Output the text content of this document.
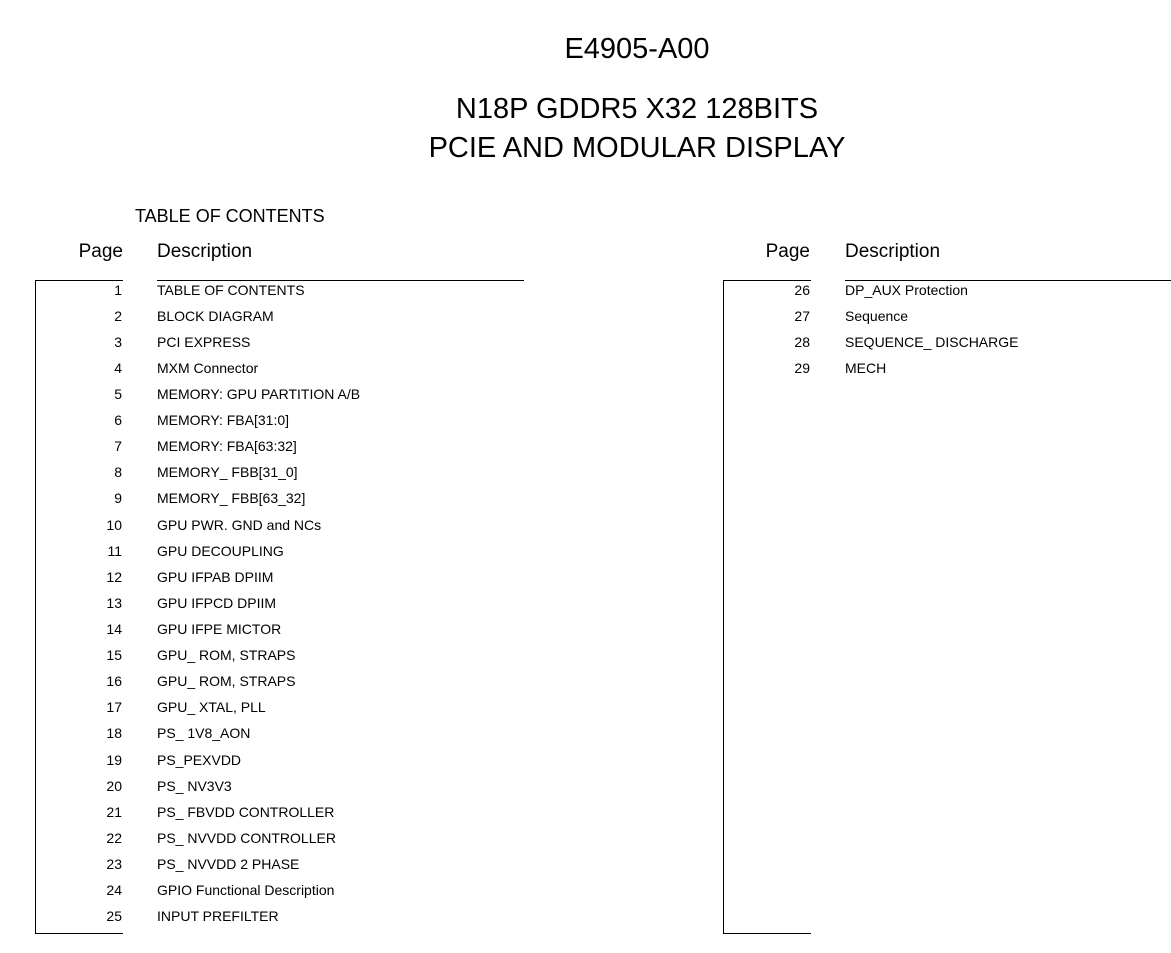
E4905-A00
N18P GDDR5 X32 128BITS
PCIE AND MODULAR DISPLAY
TABLE OF CONTENTS
Page Description	Page Description
1	TABLE OF CONTENTS
2	BLOCK DIAGRAM
3	PCI EXPRESS
4	MXM Connector
5	MEMORY: GPU PARTITION A/B
6	MEMORY: FBA[31:0]
7	MEMORY: FBA[63:32]
8	MEMORY_ FBB[31_0]
9	MEMORY_ FBB[63_32]
10	GPU PWR. GND and NCs
11	GPU DECOUPLING
12	GPU IFPAB DPIIM
13	GPU IFPCD DPIIM
14	GPU IFPE MICTOR
15	GPU_ ROM, STRAPS
16	GPU_ ROM, STRAPS
17	GPU_ XTAL, PLL
18	PS_ 1V8_AON
19	PS_PEXVDD
20	PS_ NV3V3
21	PS_ FBVDD CONTROLLER
22	PS_ NVVDD CONTROLLER
23	PS_ NVVDD 2 PHASE
24	GPIO Functional Description
25	INPUT PREFILTER
26	DP_AUX Protection
27	Sequence
28	SEQUENCE_ DISCHARGE
29	MECH
